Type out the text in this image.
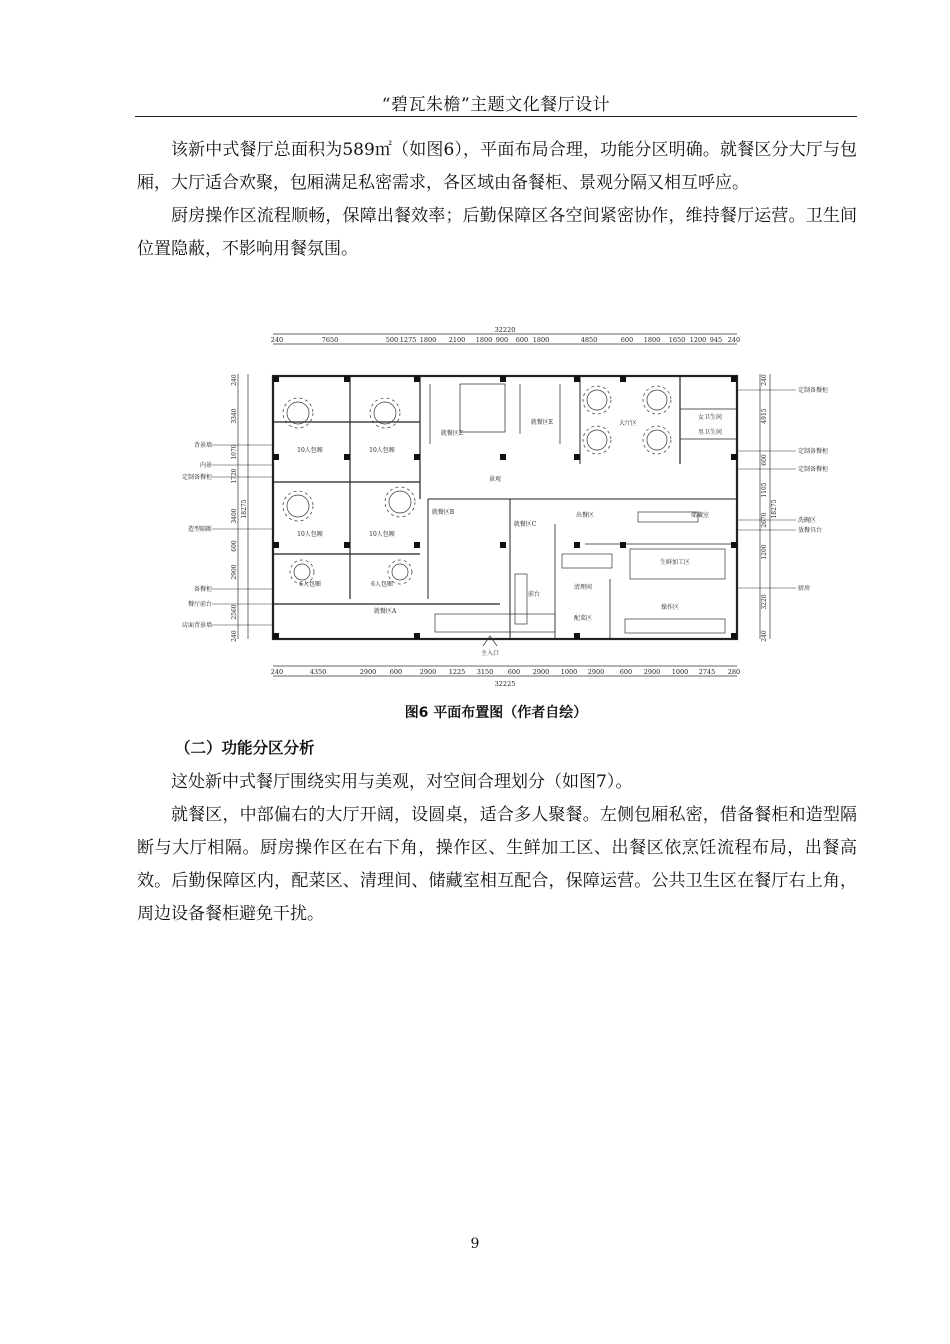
“碧瓦朱檐”主题文化餐厅设计

该新中式餐厅总面积为589㎡（如图6），平面布局合理，功能分区明确。就餐区分大厅与包厢，大厅适合欢聚，包厢满足私密需求，各区域由备餐柜、景观分隔又相互呼应。

厨房操作区流程顺畅，保障出餐效率；后勤保障区各空间紧密协作，维持餐厅运营。卫生间位置隐蔽，不影响用餐氛围。

32220
240	7650	500 1275 1800 2100 1800 900 600 1800	4850	600 1800 1650 1200 945 240
240	4350	2900 600	2900 1225 3150 600 2900 1000 2900 600 2900 1000 2745 280
32225
240
3340
1070
1720
3400
600
2900
2560
240
18275
240
4915
600
1105
2670
1200
3220
240
18275
10人包厢	10人包厢
10人包厢	10人包厢
6人包厢	6人包厢
就餐区A
就餐区B
就餐区C
就餐区E
就餐区E
景观
大厅区
女卫生间
男卫生间
出餐区	储藏室
生鲜加工区
清理间
配菜区
操作区
前台
主入口
背景墙
内景
定制备餐柜
造型隔断
备餐柜
餐厅前台
店面背景墙
定制备餐柜
定制备餐柜
定制备餐柜
洗碗区
放餐具台
厨房
图6 平面布置图（作者自绘）
（二）功能分区分析

这处新中式餐厅围绕实用与美观，对空间合理划分（如图7）。

就餐区，中部偏右的大厅开阔，设圆桌，适合多人聚餐。左侧包厢私密，借备餐柜和造型隔断与大厅相隔。厨房操作区在右下角，操作区、生鲜加工区、出餐区依烹饪流程布局，出餐高效。后勤保障区内，配菜区、清理间、储藏室相互配合，保障运营。公共卫生区在餐厅右上角，周边设备餐柜避免干扰。

9
